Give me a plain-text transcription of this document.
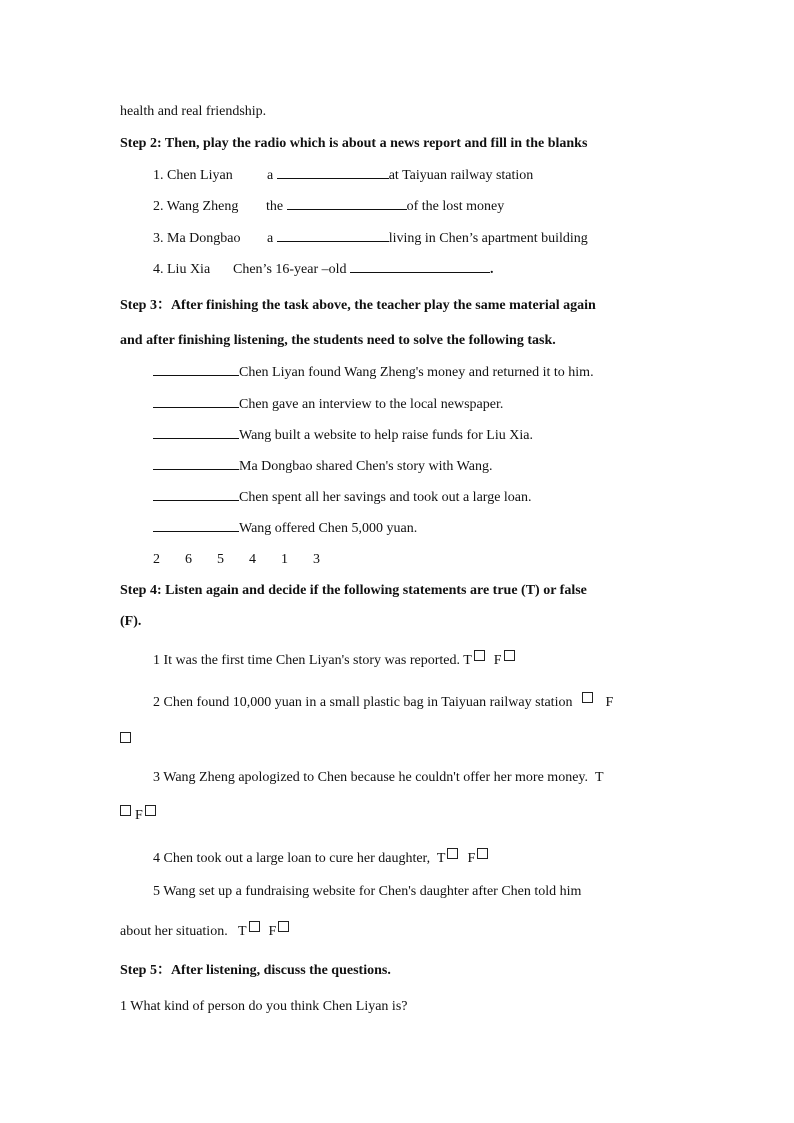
health and real friendship.
Step 2: Then, play the radio which is about a news report and fill in the blanks
1. Chen Liyan a	at Taiyuan railway station
2. Wang Zheng the	of the lost money
3. Ma Dongbao a	living in Chen’s apartment building
4. Liu Xia Chen’s 16-year –old	.
Step 3：After finishing the task above, the teacher play the same material again
and after finishing listening, the students need to solve the following task.
Chen Liyan found Wang Zheng's money and returned it to him.
Chen gave an interview to the local newspaper.
Wang built a website to help raise funds for Liu Xia.
Ma Dongbao shared Chen's story with Wang.
Chen spent all her savings and took out a large loan.
Wang offered Chen 5,000 yuan.
2 6 5 4 1 3
Step 4: Listen again and decide if the following statements are true (T) or false
(F).
1 It was the first time Chen Liyan's story was reported. T F
2 Chen found 10,000 yuan in a small plastic bag in Taiyuan railway station F
3 Wang Zheng apologized to Chen because he couldn't offer her more money. T
F
4 Chen took out a large loan to cure her daughter, T F
5 Wang set up a fundraising website for Chen's daughter after Chen told him
about her situation. T F
Step 5：After listening, discuss the questions.
1 What kind of person do you think Chen Liyan is?
